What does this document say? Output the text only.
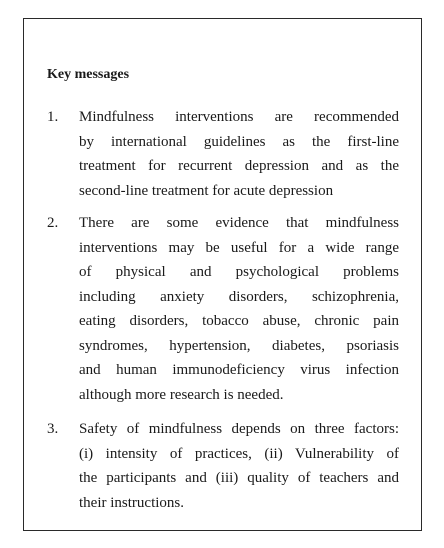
Key messages
1. Mindfulness interventions are recommended
by international guidelines as the first-line
treatment for recurrent depression and as the
second-line treatment for acute depression
2. There are some evidence that mindfulness
interventions may be useful for a wide range
of physical and psychological problems
including anxiety disorders, schizophrenia,
eating disorders, tobacco abuse, chronic pain
syndromes, hypertension, diabetes, psoriasis
and human immunodeficiency virus infection
although more research is needed.
3. Safety of mindfulness depends on three factors:
(i) intensity of practices, (ii) Vulnerability of
the participants and (iii) quality of teachers and
their instructions.
